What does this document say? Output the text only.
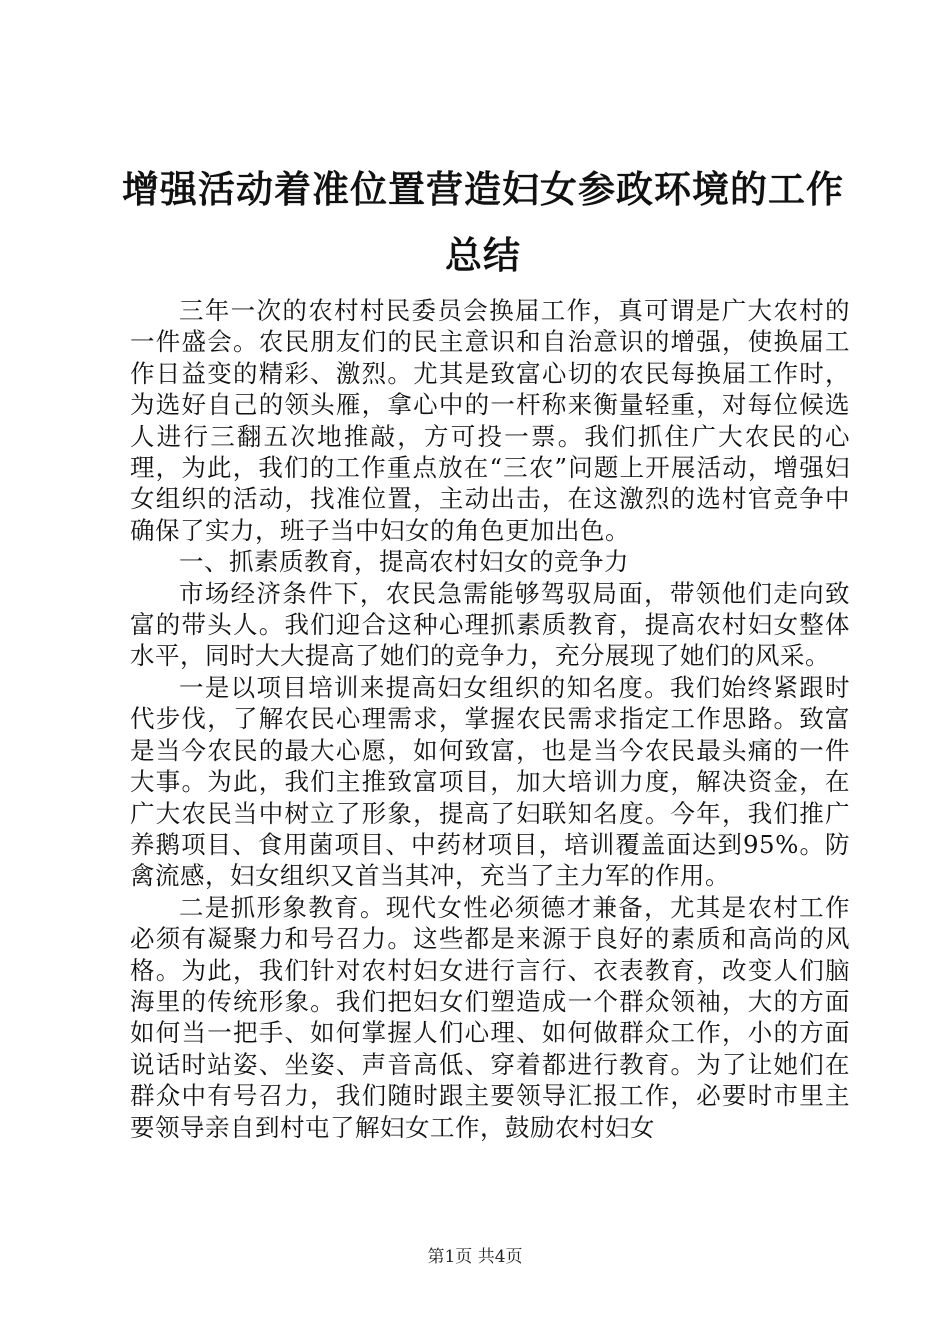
增强活动着准位置营造妇女参政环境的工作总结

三年一次的农村村民委员会换届工作，真可谓是广大农村的一件盛会。农民朋友们的民主意识和自治意识的增强，使换届工作日益变的精彩、激烈。尤其是致富心切的农民每换届工作时，为选好自己的领头雁，拿心中的一杆称来衡量轻重，对每位候选人进行三翻五次地推敲，方可投一票。我们抓住广大农民的心理，为此，我们的工作重点放在“三农”问题上开展活动，增强妇女组织的活动，找准位置，主动出击，在这激烈的选村官竞争中确保了实力，班子当中妇女的角色更加出色。

一、抓素质教育，提高农村妇女的竞争力

市场经济条件下，农民急需能够驾驭局面，带领他们走向致富的带头人。我们迎合这种心理抓素质教育，提高农村妇女整体水平，同时大大提高了她们的竞争力，充分展现了她们的风采。

一是以项目培训来提高妇女组织的知名度。我们始终紧跟时代步伐，了解农民心理需求，掌握农民需求指定工作思路。致富是当今农民的最大心愿，如何致富，也是当今农民最头痛的一件大事。为此，我们主推致富项目，加大培训力度，解决资金，在广大农民当中树立了形象，提高了妇联知名度。今年，我们推广养鹅项目、食用菌项目、中药材项目，培训覆盖面达到95%。防禽流感，妇女组织又首当其冲，充当了主力军的作用。

二是抓形象教育。现代女性必须德才兼备，尤其是农村工作必须有凝聚力和号召力。这些都是来源于良好的素质和高尚的风格。为此，我们针对农村妇女进行言行、衣表教育，改变人们脑海里的传统形象。我们把妇女们塑造成一个群众领袖，大的方面如何当一把手、如何掌握人们心理、如何做群众工作，小的方面说话时站姿、坐姿、声音高低、穿着都进行教育。为了让她们在群众中有号召力，我们随时跟主要领导汇报工作，必要时市里主要领导亲自到村屯了解妇女工作，鼓励农村妇女

第1页 共4页
